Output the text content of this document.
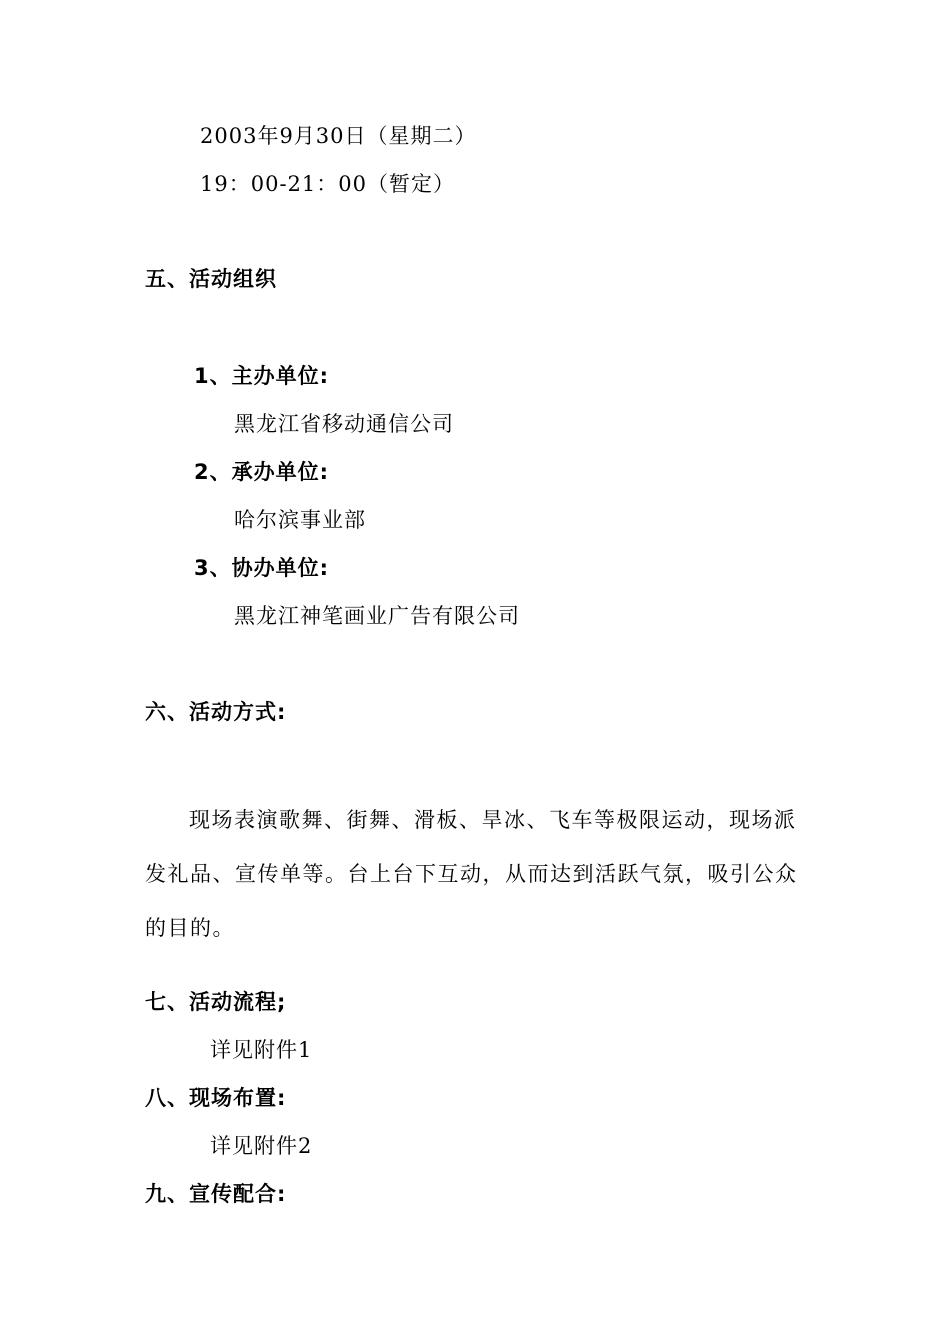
2003年9月30日（星期二）
19：00-21：00（暂定）
五、活动组织
1、主办单位:
黑龙江省移动通信公司
2、承办单位:
哈尔滨事业部
3、协办单位:
黑龙江神笔画业广告有限公司
六、活动方式:
现场表演歌舞、街舞、滑板、旱冰、飞车等极限运动，现场派发礼品、宣传单等。台上台下互动，从而达到活跃气氛，吸引公众的目的。
七、活动流程;
详见附件1
八、现场布置:
详见附件2
九、宣传配合:
